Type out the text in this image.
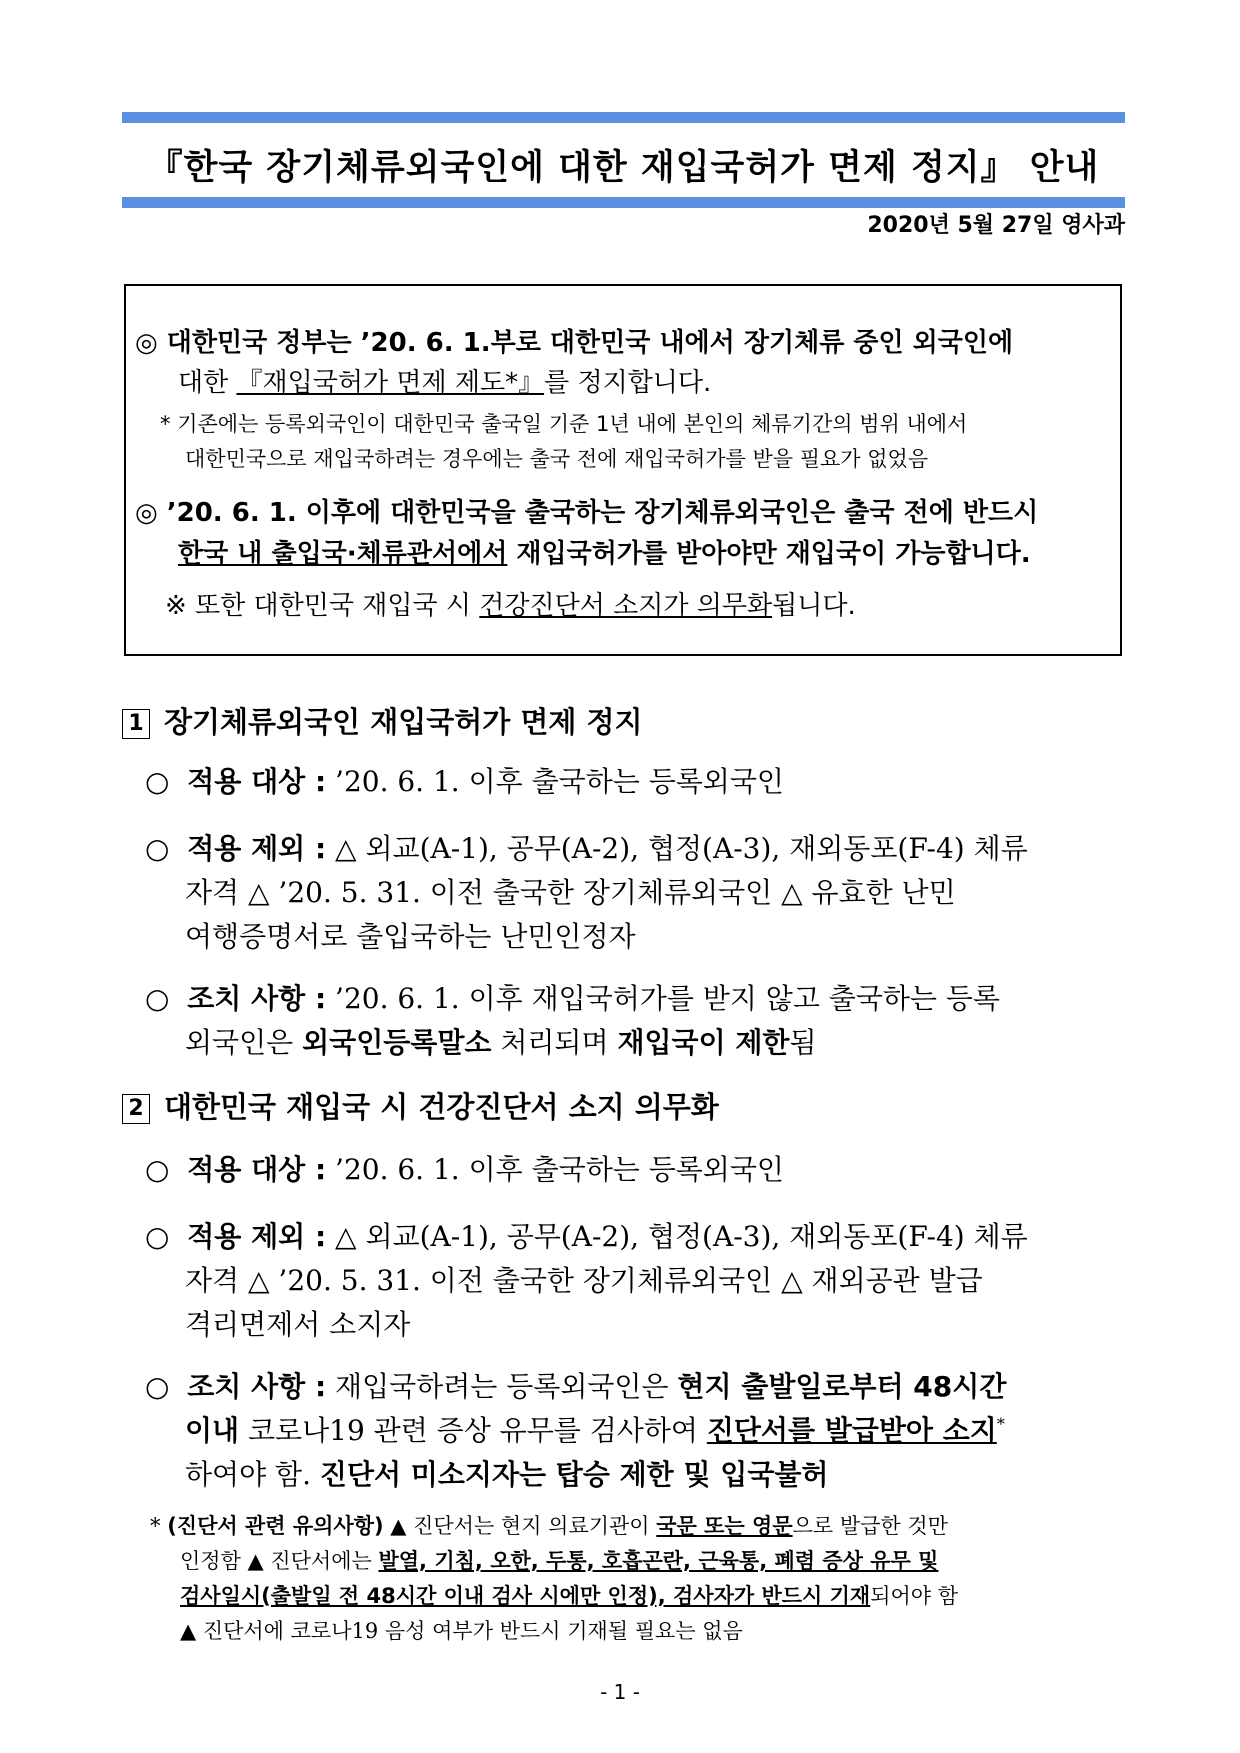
『한국 장기체류외국인에 대한 재입국허가 면제 정지』 안내
2020년 5월 27일 영사과
◎ 대한민국 정부는 ’20. 6. 1.부로 대한민국 내에서 장기체류 중인 외국인에
대한 『재입국허가 면제 제도*』를 정지합니다.
* 기존에는 등록외국인이 대한민국 출국일 기준 1년 내에 본인의 체류기간의 범위 내에서
대한민국으로 재입국하려는 경우에는 출국 전에 재입국허가를 받을 필요가 없었음
◎ ’20. 6. 1. 이후에 대한민국을 출국하는 장기체류외국인은 출국 전에 반드시
한국 내 출입국·체류관서에서 재입국허가를 받아야만 재입국이 가능합니다.
※ 또한 대한민국 재입국 시 건강진단서 소지가 의무화됩니다.
1 장기체류외국인 재입국허가 면제 정지
○ 적용 대상 : ’20. 6. 1. 이후 출국하는 등록외국인
○ 적용 제외 : △ 외교(A-1), 공무(A-2), 협정(A-3), 재외동포(F-4) 체류
자격 △ ’20. 5. 31. 이전 출국한 장기체류외국인 △ 유효한 난민
여행증명서로 출입국하는 난민인정자
○ 조치 사항 : ’20. 6. 1. 이후 재입국허가를 받지 않고 출국하는 등록
외국인은 외국인등록말소 처리되며 재입국이 제한됨
2 대한민국 재입국 시 건강진단서 소지 의무화
○ 적용 대상 : ’20. 6. 1. 이후 출국하는 등록외국인
○ 적용 제외 : △ 외교(A-1), 공무(A-2), 협정(A-3), 재외동포(F-4) 체류
자격 △ ’20. 5. 31. 이전 출국한 장기체류외국인 △ 재외공관 발급
격리면제서 소지자
○ 조치 사항 : 재입국하려는 등록외국인은 현지 출발일로부터 48시간
이내 코로나19 관련 증상 유무를 검사하여 진단서를 발급받아 소지*
하여야 함. 진단서 미소지자는 탑승 제한 및 입국불허
* (진단서 관련 유의사항) ▲ 진단서는 현지 의료기관이 국문 또는 영문으로 발급한 것만
인정함 ▲ 진단서에는 발열, 기침, 오한, 두통, 호흡곤란, 근육통, 폐렴 증상 유무 및
검사일시(출발일 전 48시간 이내 검사 시에만 인정), 검사자가 반드시 기재되어야 함
▲ 진단서에 코로나19 음성 여부가 반드시 기재될 필요는 없음
- 1 -
